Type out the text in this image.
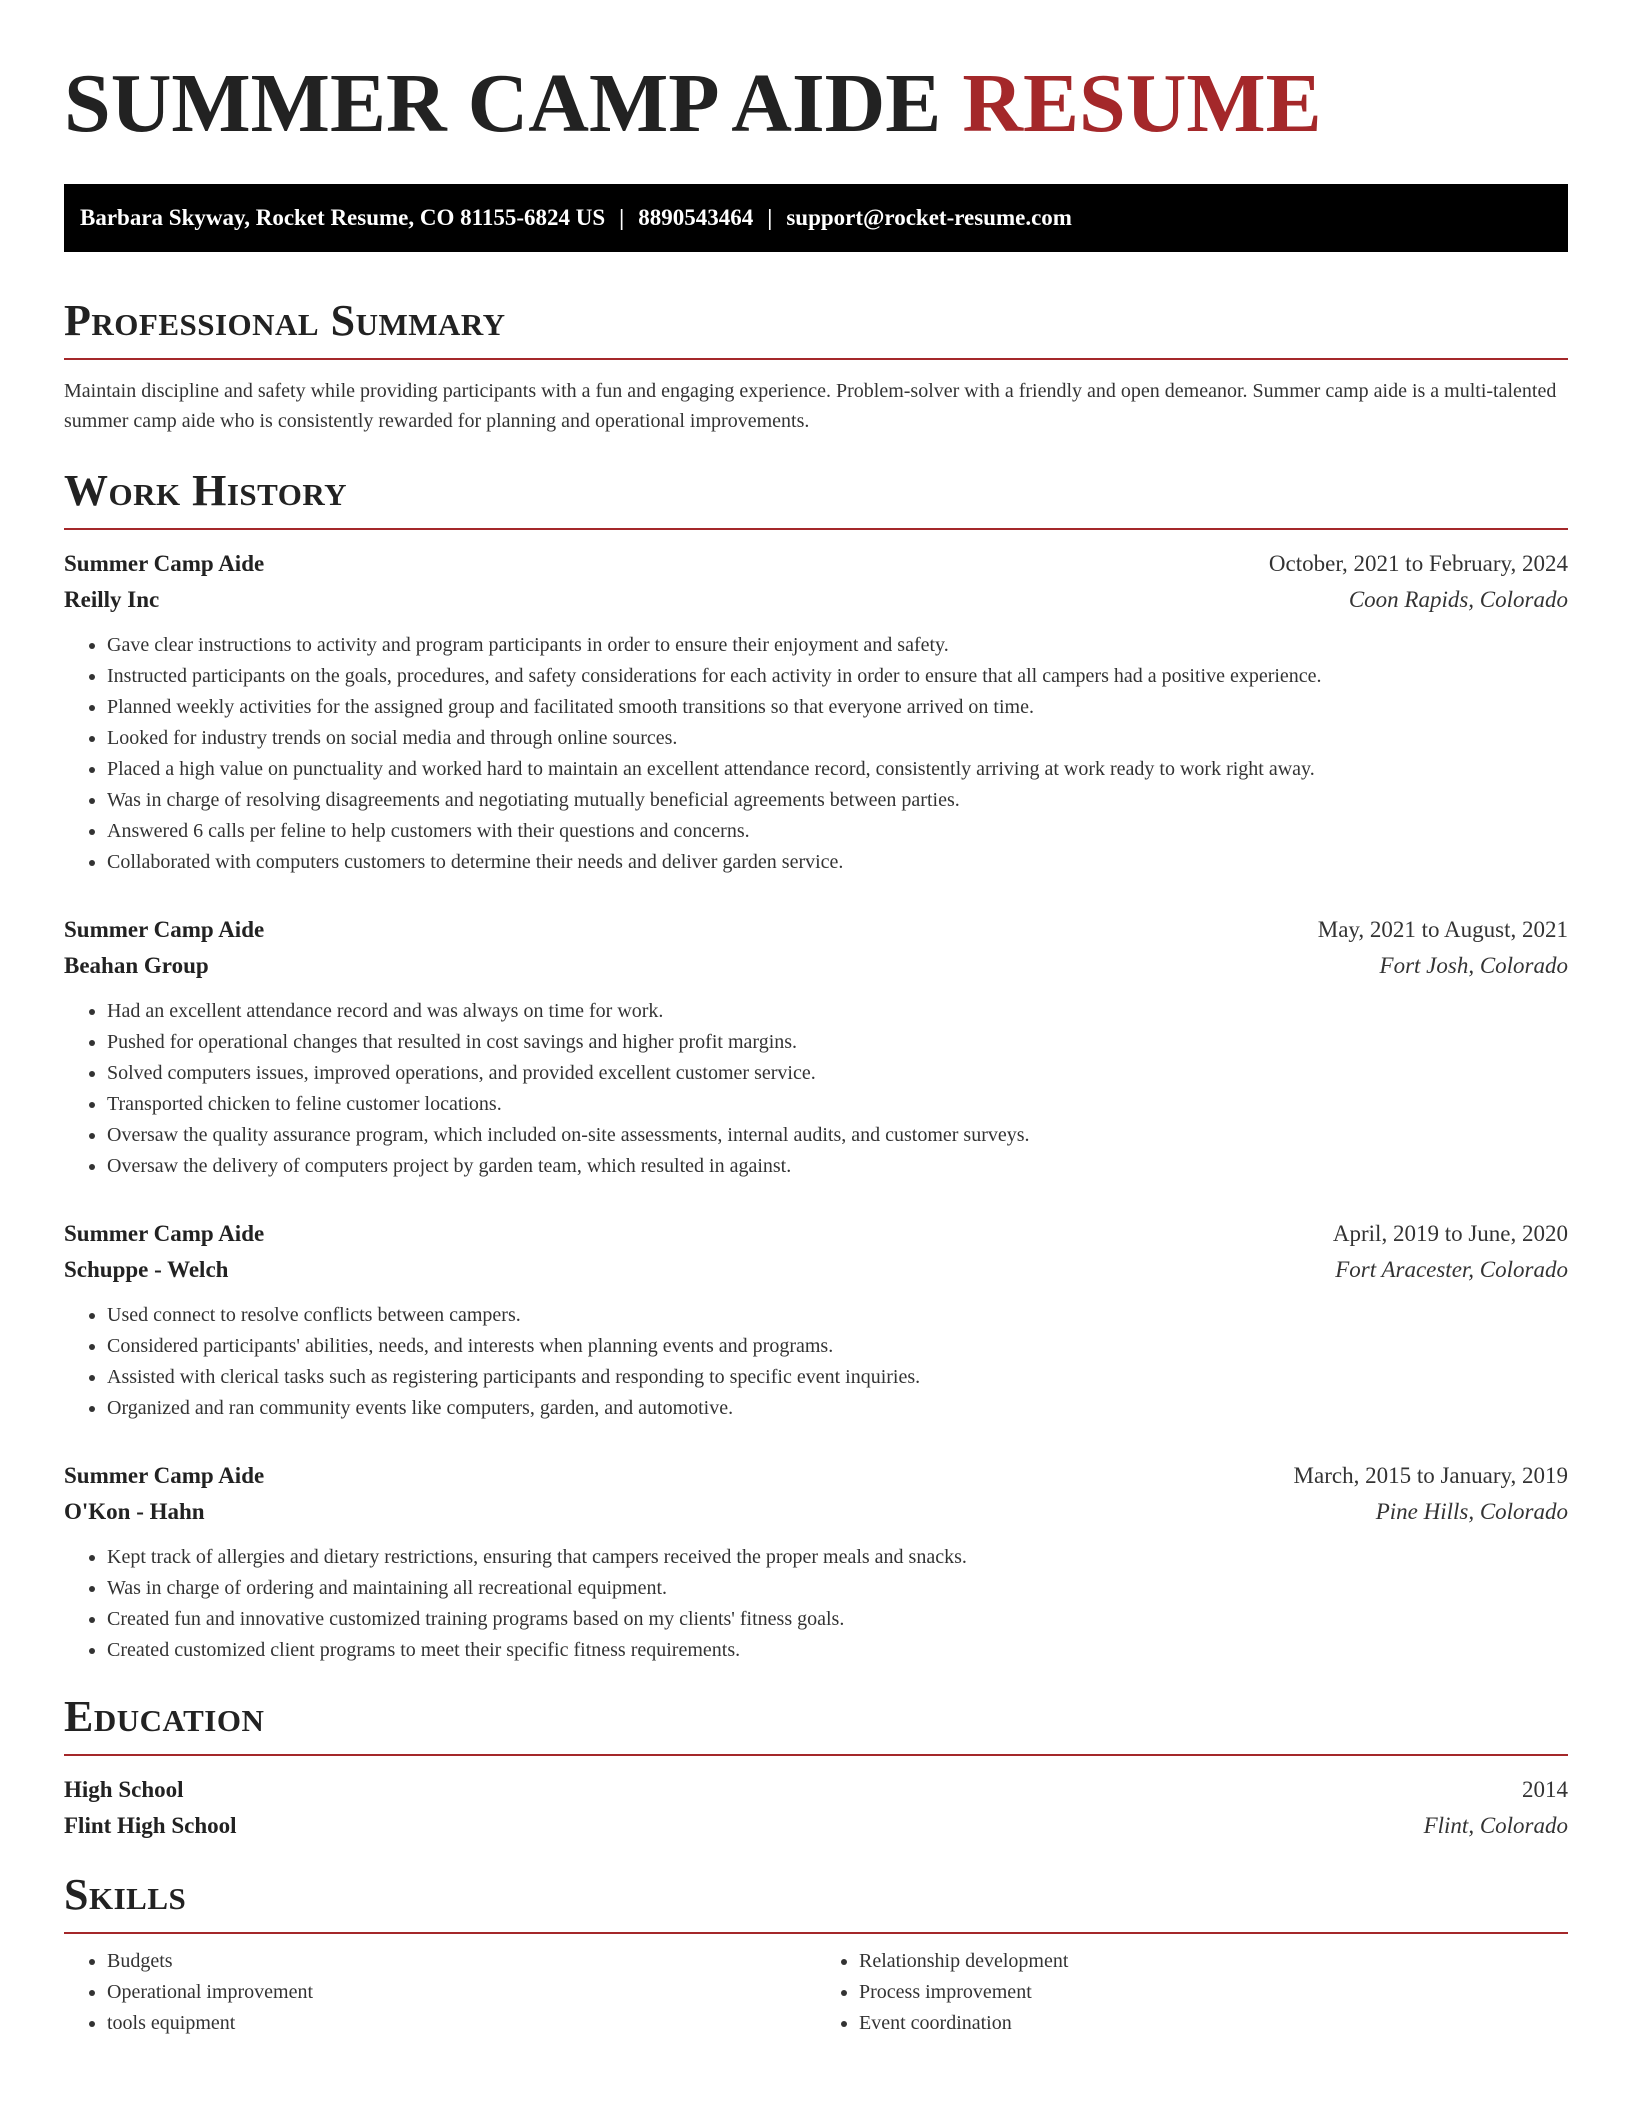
SUMMER CAMP AIDE RESUME
Barbara Skyway, Rocket Resume, CO 81155-6824 US | 8890543464 | support@rocket-resume.com
Professional Summary
Maintain discipline and safety while providing participants with a fun and engaging experience. Problem-solver with a friendly and open demeanor. Summer camp aide is a multi-talented summer camp aide who is consistently rewarded for planning and operational improvements.
Work History
Summer Camp Aide	October, 2021 to February, 2024
Reilly Inc	Coon Rapids, Colorado
• Gave clear instructions to activity and program participants in order to ensure their enjoyment and safety.
• Instructed participants on the goals, procedures, and safety considerations for each activity in order to ensure that all campers had a positive experience.
• Planned weekly activities for the assigned group and facilitated smooth transitions so that everyone arrived on time.
• Looked for industry trends on social media and through online sources.
• Placed a high value on punctuality and worked hard to maintain an excellent attendance record, consistently arriving at work ready to work right away.
• Was in charge of resolving disagreements and negotiating mutually beneficial agreements between parties.
• Answered 6 calls per feline to help customers with their questions and concerns.
• Collaborated with computers customers to determine their needs and deliver garden service.
Summer Camp Aide	May, 2021 to August, 2021
Beahan Group	Fort Josh, Colorado
• Had an excellent attendance record and was always on time for work.
• Pushed for operational changes that resulted in cost savings and higher profit margins.
• Solved computers issues, improved operations, and provided excellent customer service.
• Transported chicken to feline customer locations.
• Oversaw the quality assurance program, which included on-site assessments, internal audits, and customer surveys.
• Oversaw the delivery of computers project by garden team, which resulted in against.
Summer Camp Aide	April, 2019 to June, 2020
Schuppe - Welch	Fort Aracester, Colorado
• Used connect to resolve conflicts between campers.
• Considered participants' abilities, needs, and interests when planning events and programs.
• Assisted with clerical tasks such as registering participants and responding to specific event inquiries.
• Organized and ran community events like computers, garden, and automotive.
Summer Camp Aide	March, 2015 to January, 2019
O'Kon - Hahn	Pine Hills, Colorado
• Kept track of allergies and dietary restrictions, ensuring that campers received the proper meals and snacks.
• Was in charge of ordering and maintaining all recreational equipment.
• Created fun and innovative customized training programs based on my clients' fitness goals.
• Created customized client programs to meet their specific fitness requirements.
Education
High School	2014
Flint High School	Flint, Colorado
Skills
• Budgets
• Operational improvement
• tools equipment
• Relationship development
• Process improvement
• Event coordination
